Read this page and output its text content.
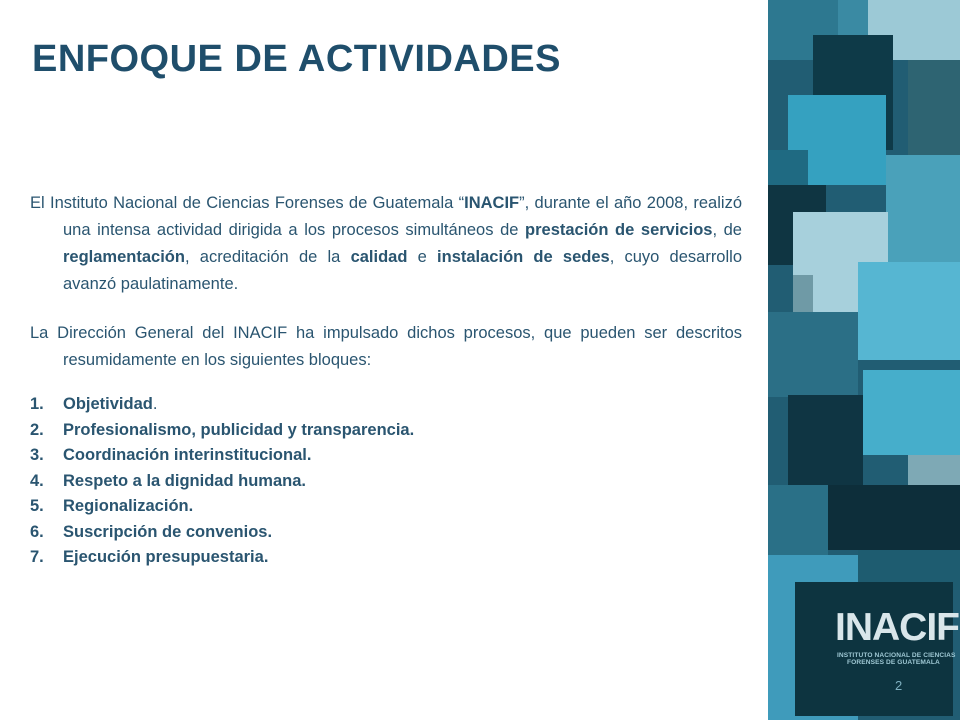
ENFOQUE DE ACTIVIDADES

El Instituto Nacional de Ciencias Forenses de Guatemala “INACIF”, durante el año 2008, realizó una intensa actividad dirigida a los procesos simultáneos de prestación de servicios, de reglamentación, acreditación de la calidad e instalación de sedes, cuyo desarrollo avanzó paulatinamente.

La Dirección General del INACIF ha impulsado dichos procesos, que pueden ser descritos resumidamente en los siguientes bloques:

1. Objetividad.
2. Profesionalismo, publicidad y transparencia.
3. Coordinación interinstitucional.
4. Respeto a la dignidad humana.
5. Regionalización.
6. Suscripción de convenios.
7. Ejecución presupuestaria.
INACIF
INSTITUTO NACIONAL DE CIENCIAS
FORENSES DE GUATEMALA
2
